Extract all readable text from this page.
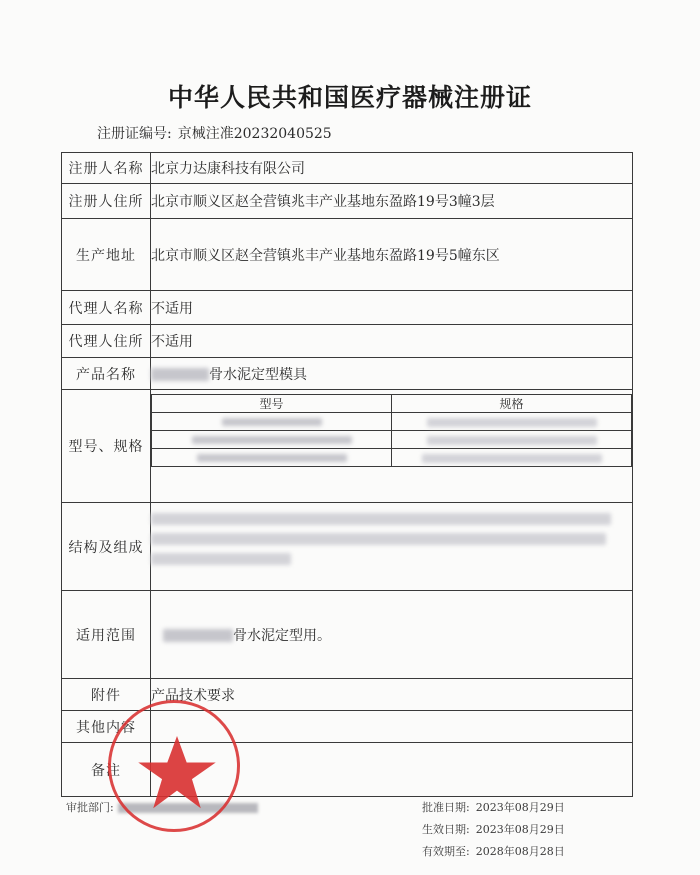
中华人民共和国医疗器械注册证
注册证编号: 京械注准20232040525
注册人名称	北京力达康科技有限公司
注册人住所	北京市顺义区赵全营镇兆丰产业基地东盈路19号3幢3层
生产地址	北京市顺义区赵全营镇兆丰产业基地东盈路19号5幢东区
代理人名称	不适用
代理人住所	不适用
产品名称	骨水泥定型模具
型号、规格	
型号	规格

结构及组成	

适用范围	骨水泥定型用。
附件	产品技术要求
其他内容	
备注	
审批部门:	批准日期: 2023年08月29日
生效日期: 2023年08月29日
有效期至: 2028年08月28日
